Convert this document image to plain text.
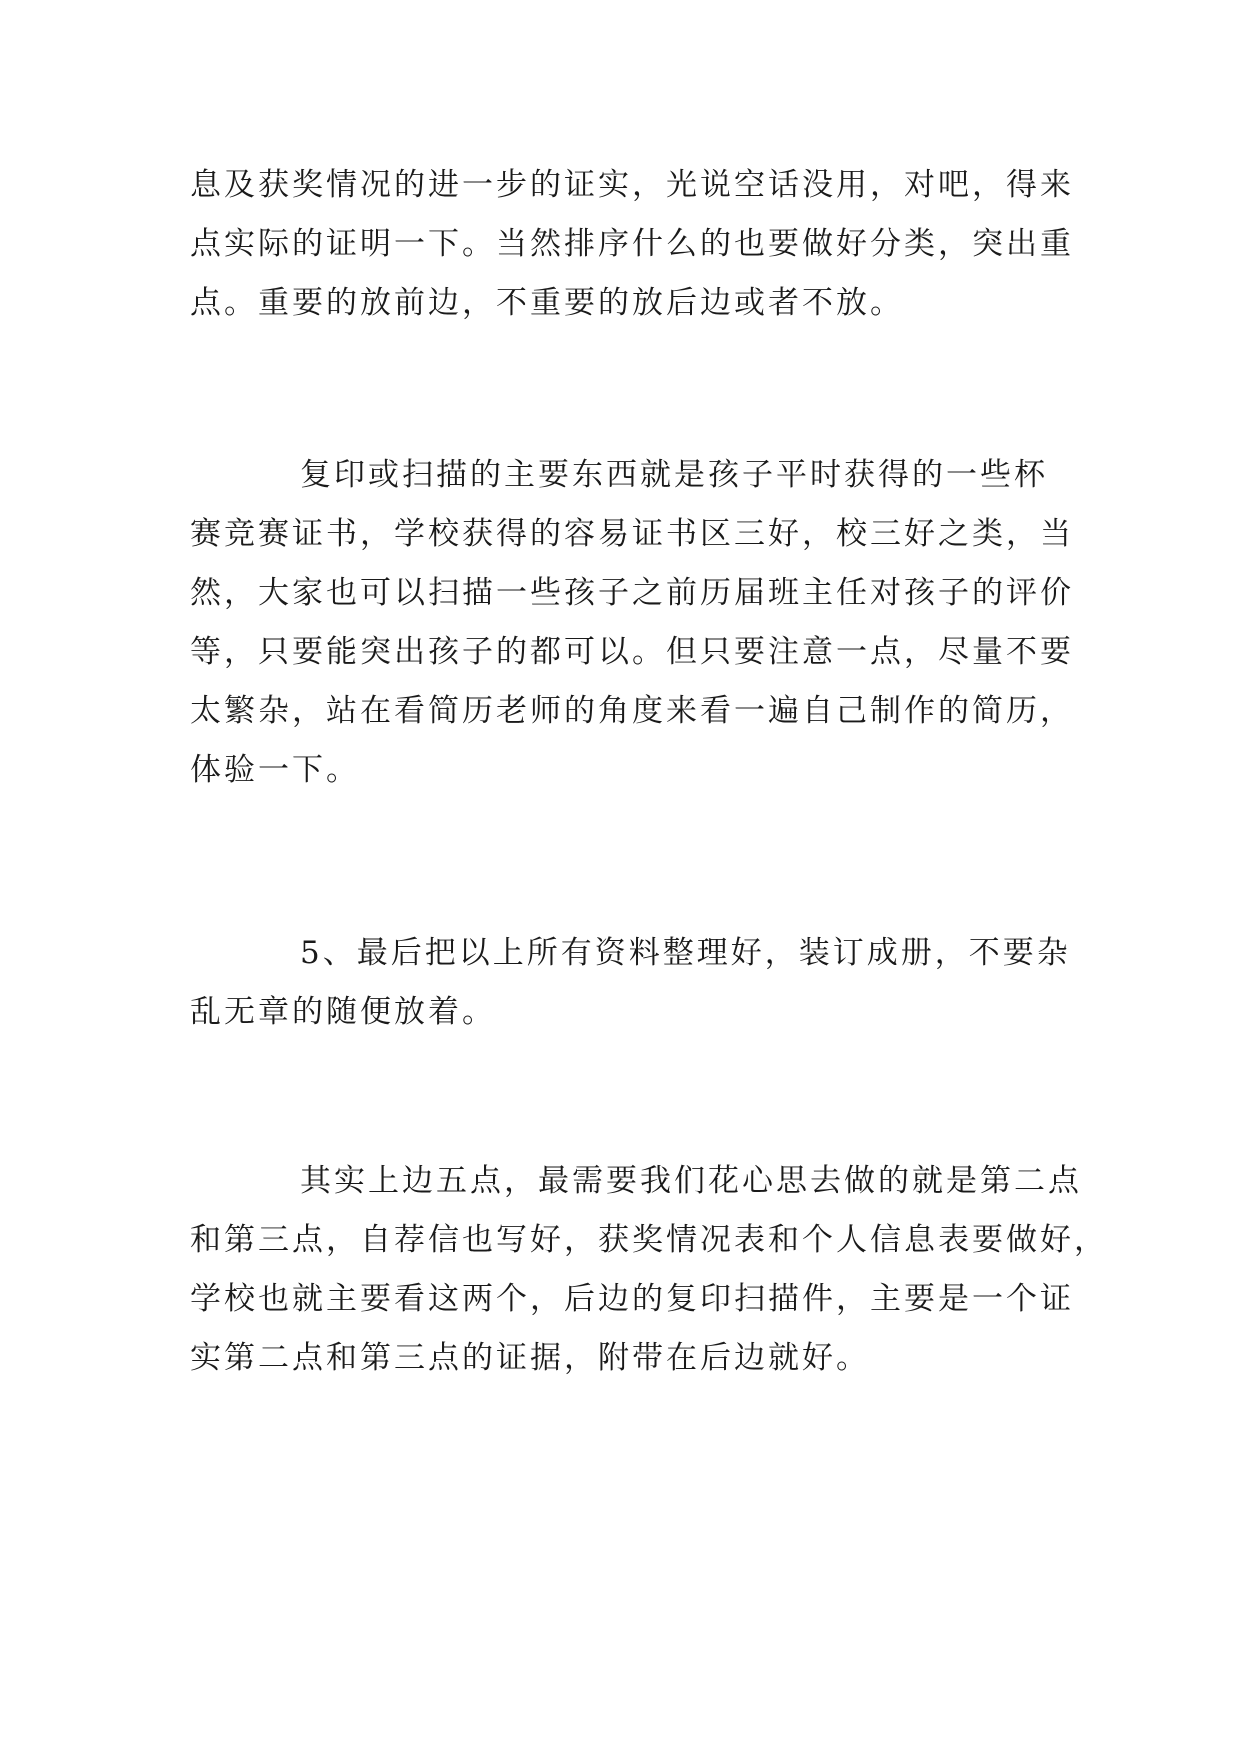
息及获奖情况的进一步的证实，光说空话没用，对吧，得来
点实际的证明一下。当然排序什么的也要做好分类，突出重
点。重要的放前边，不重要的放后边或者不放。
复印或扫描的主要东西就是孩子平时获得的一些杯
赛竞赛证书，学校获得的容易证书区三好，校三好之类，当
然，大家也可以扫描一些孩子之前历届班主任对孩子的评价
等，只要能突出孩子的都可以。但只要注意一点，尽量不要
太繁杂，站在看简历老师的角度来看一遍自己制作的简历，
体验一下。
5、最后把以上所有资料整理好，装订成册，不要杂
乱无章的随便放着。
其实上边五点，最需要我们花心思去做的就是第二点
和第三点，自荐信也写好，获奖情况表和个人信息表要做好，
学校也就主要看这两个，后边的复印扫描件，主要是一个证
实第二点和第三点的证据，附带在后边就好。
